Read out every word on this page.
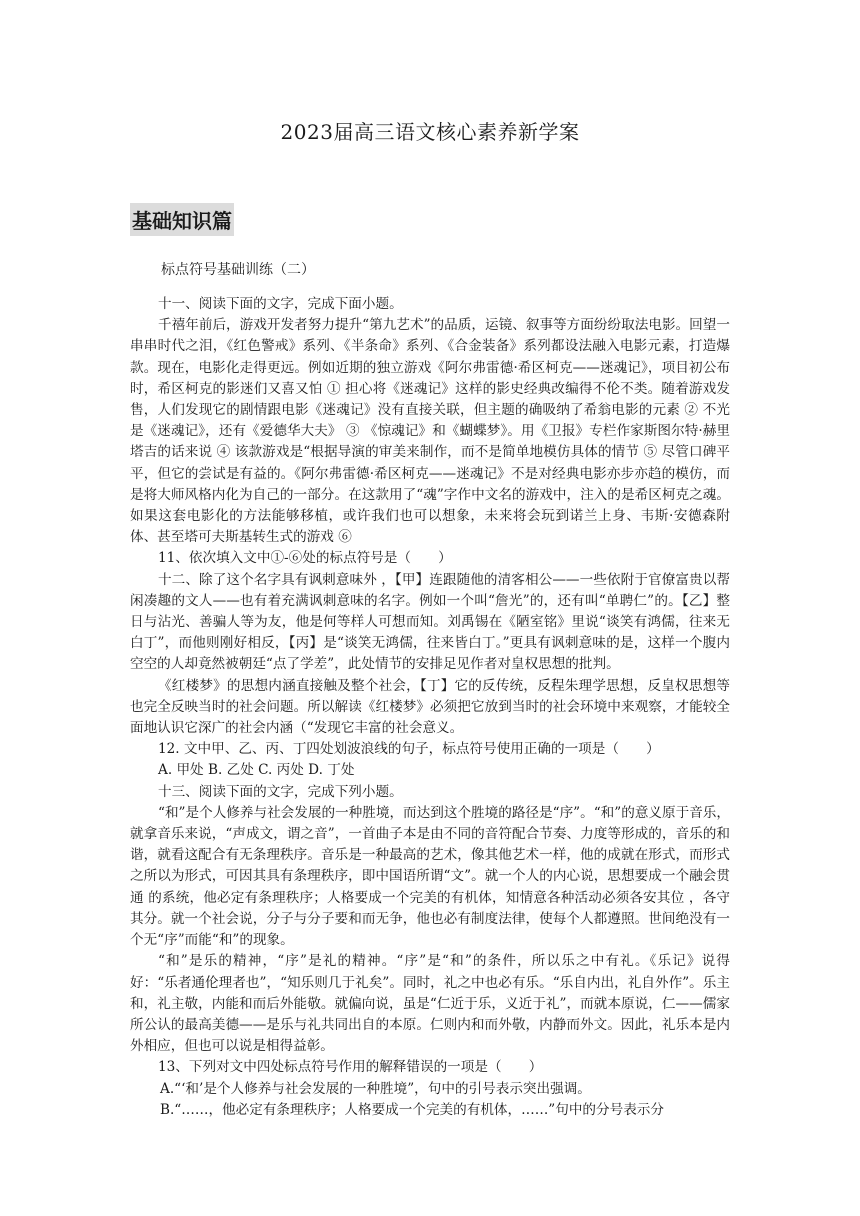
2023届高三语文核心素养新学案
基础知识篇
标点符号基础训练（二）

十一、阅读下面的文字，完成下面小题。

千禧年前后，游戏开发者努力提升“第九艺术”的品质，运镜、叙事等方面纷纷取法电影。回望一串串时代之泪，《红色警戒》系列、《半条命》系列、《合金装备》系列都设法融入电影元素，打造爆款。现在，电影化走得更远。例如近期的独立游戏《阿尔弗雷德·希区柯克——迷魂记》，项目初公布时，希区柯克的影迷们又喜又怕 ① 担心将《迷魂记》这样的影史经典改编得不伦不类。随着游戏发售，人们发现它的剧情跟电影《迷魂记》没有直接关联，但主题的确吸纳了希翁电影的元素 ② 不光是《迷魂记》，还有《爱德华大夫》 ③ 《惊魂记》和《蝴蝶梦》。用《卫报》专栏作家斯图尔特·赫里塔吉的话来说 ④ 该款游戏是“根据导演的审美来制作，而不是简单地模仿具体的情节 ⑤ 尽管口碑平平，但它的尝试是有益的。《阿尔弗雷德·希区柯克——迷魂记》不是对经典电影亦步亦趋的模仿，而是将大师风格内化为自己的一部分。在这款用了“魂”字作中文名的游戏中，注入的是希区柯克之魂。如果这套电影化的方法能够移植，或许我们也可以想象，未来将会玩到诺兰上身、韦斯·安德森附体、甚至塔可夫斯基转生式的游戏 ⑥

11、依次填入文中①-⑥处的标点符号是（　　）

十二、除了这个名字具有讽刺意味外 ，【甲】连跟随他的清客相公——一些依附于官僚富贵以帮闲凑趣的文人——也有着充满讽刺意味的名字。例如一个叫“詹光”的，还有叫“单聘仁”的。【乙】整日与沾光、善骗人等为友，他是何等样人可想而知。刘禹锡在《陋室铭》里说“谈笑有鸿儒，往来无白丁”，而他则刚好相反，【丙】是“谈笑无鸿儒，往来皆白丁。”更具有讽刺意味的是，这样一个腹内空空的人却竟然被朝廷“点了学差”，此处情节的安排足见作者对皇权思想的批判。

《红楼梦》的思想内涵直接触及整个社会，【丁】它的反传统，反程朱理学思想，反皇权思想等也完全反映当时的社会问题。所以解读《红楼梦》必须把它放到当时的社会环境中来观察，才能较全面地认识它深广的社会内涵（“发现它丰富的社会意义。

12. 文中甲、乙、丙、丁四处划波浪线的句子，标点符号使用正确的一项是（　　）

A. 甲处 B. 乙处 C. 丙处 D. 丁处

十三、阅读下面的文字，完成下列小题。

“和”是个人修养与社会发展的一种胜境，而达到这个胜境的路径是“序”。“和”的意义原于音乐，就拿音乐来说，“声成文，谓之音”，一首曲子本是由不同的音符配合节奏、力度等形成的，音乐的和谐，就看这配合有无条理秩序。音乐是一种最高的艺术，像其他艺术一样，他的成就在形式，而形式之所以为形式，可因其具有条理秩序，即中国语所谓“文”。就一个人的内心说，思想要成一个融会贯通 的系统，他必定有条理秩序；人格要成一个完美的有机体，知情意各种活动必须各安其位 ，各守其分。就一个社会说，分子与分子要和而无争，他也必有制度法律，使每个人都遵照。世间绝没有一个无“序”而能“和”的现象。

“和”是乐的精神，“序”是礼的精神。“序”是“和”的条件，所以乐之中有礼。《乐记》说得好：“乐者通伦理者也”，“知乐则几于礼矣”。同时，礼之中也必有乐。“乐自内出，礼自外作”。乐主和，礼主敬，内能和而后外能敬。就偏向说，虽是“仁近于乐，义近于礼”，而就本原说，仁——儒家所公认的最高美德——是乐与礼共同出自的本原。仁则内和而外敬，内静而外文。因此，礼乐本是内外相应，但也可以说是相得益彰。

13、下列对文中四处标点符号作用的解释错误的一项是（　　）

A.“‘和’是个人修养与社会发展的一种胜境”，句中的引号表示突出强调。

B.“……，他必定有条理秩序；人格要成一个完美的有机体，……”句中的分号表示分
